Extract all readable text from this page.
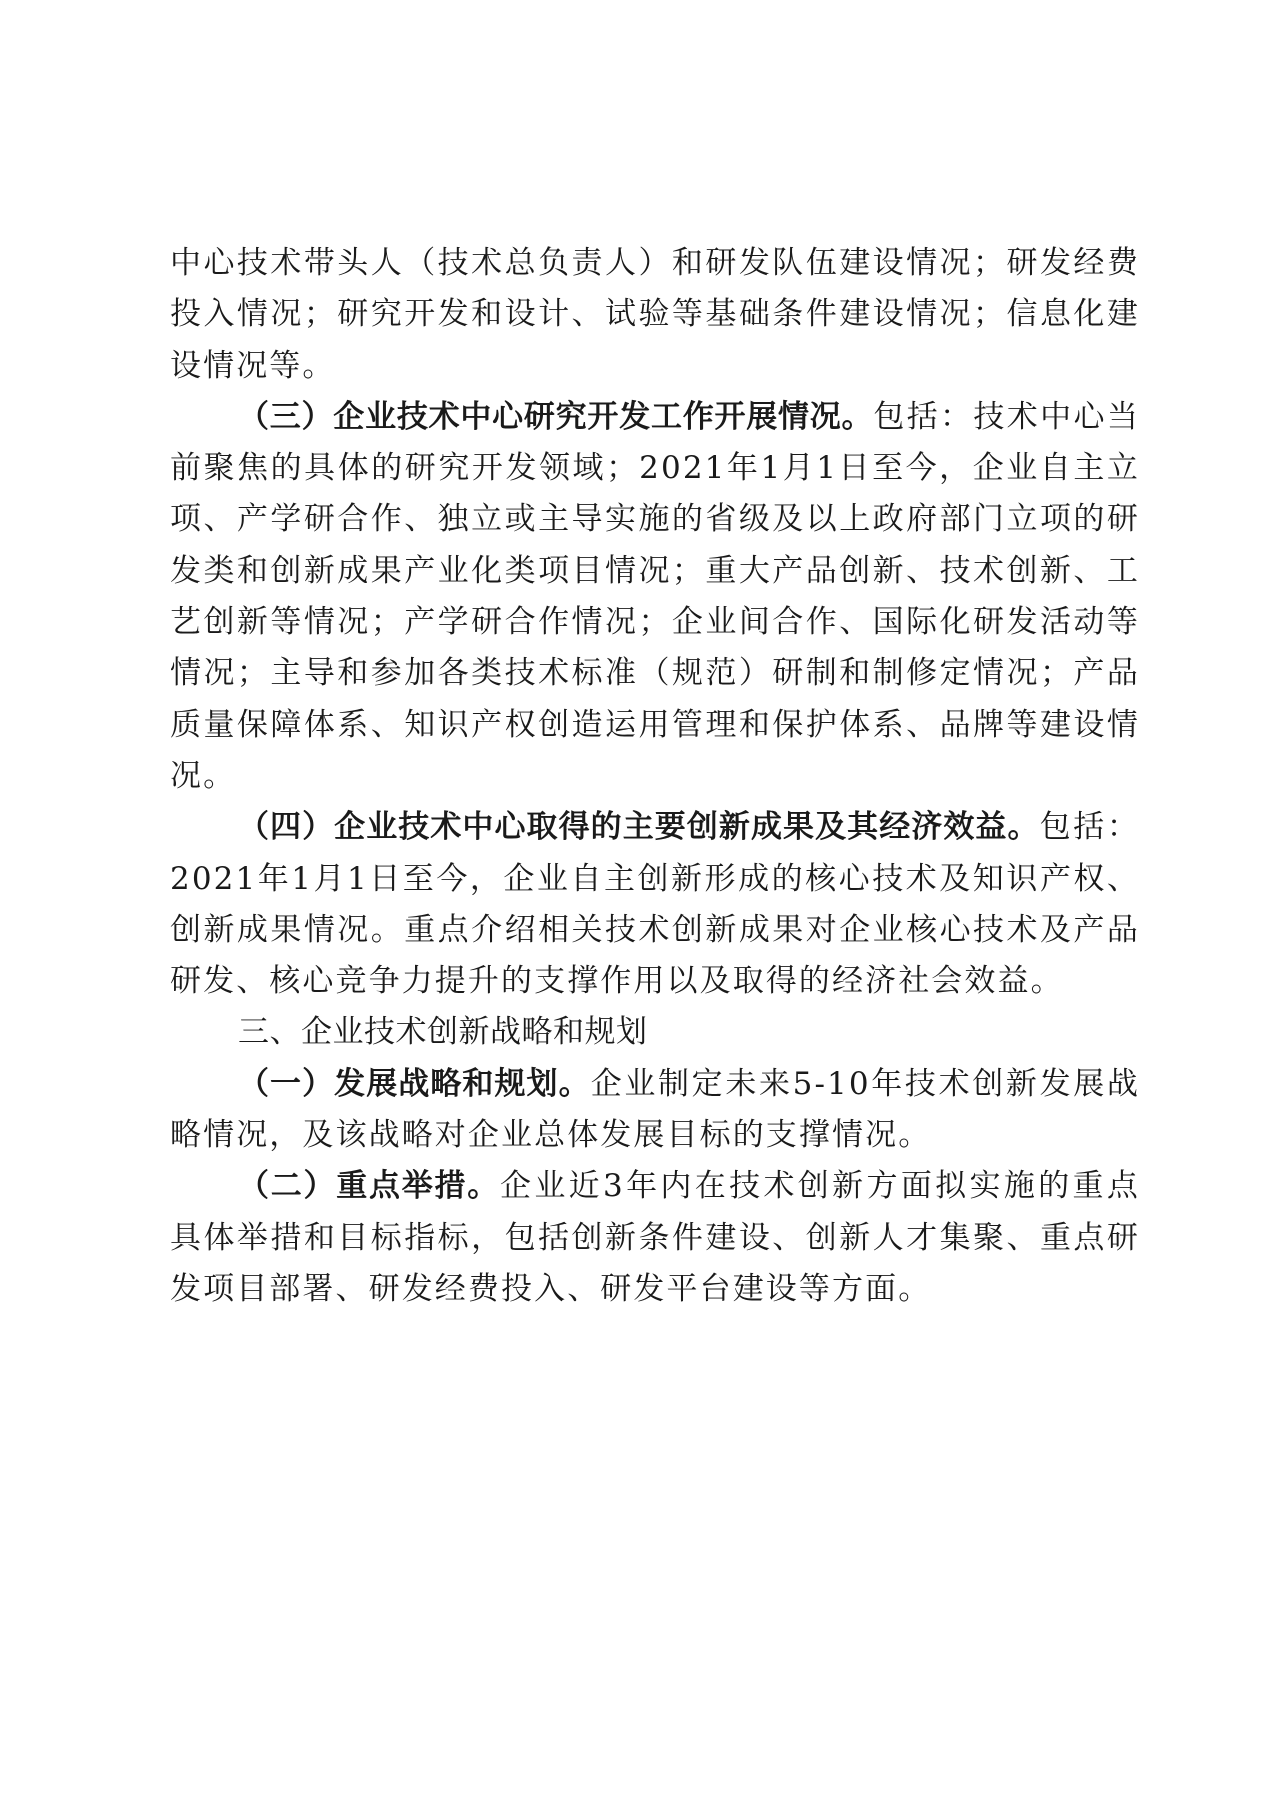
中心技术带头人（技术总负责人）和研发队伍建设情况；研发经费投入情况；研究开发和设计、试验等基础条件建设情况；信息化建设情况等。

（三）企业技术中心研究开发工作开展情况。包括：技术中心当前聚焦的具体的研究开发领域；2021年1月1日至今，企业自主立项、产学研合作、独立或主导实施的省级及以上政府部门立项的研发类和创新成果产业化类项目情况；重大产品创新、技术创新、工艺创新等情况；产学研合作情况；企业间合作、国际化研发活动等情况；主导和参加各类技术标准（规范）研制和制修定情况；产品质量保障体系、知识产权创造运用管理和保护体系、品牌等建设情况。

（四）企业技术中心取得的主要创新成果及其经济效益。包括：2021年1月1日至今，企业自主创新形成的核心技术及知识产权、创新成果情况。重点介绍相关技术创新成果对企业核心技术及产品研发、核心竞争力提升的支撑作用以及取得的经济社会效益。

三、企业技术创新战略和规划

（一）发展战略和规划。企业制定未来5-10年技术创新发展战略情况，及该战略对企业总体发展目标的支撑情况。

（二）重点举措。企业近3年内在技术创新方面拟实施的重点具体举措和目标指标，包括创新条件建设、创新人才集聚、重点研发项目部署、研发经费投入、研发平台建设等方面。
